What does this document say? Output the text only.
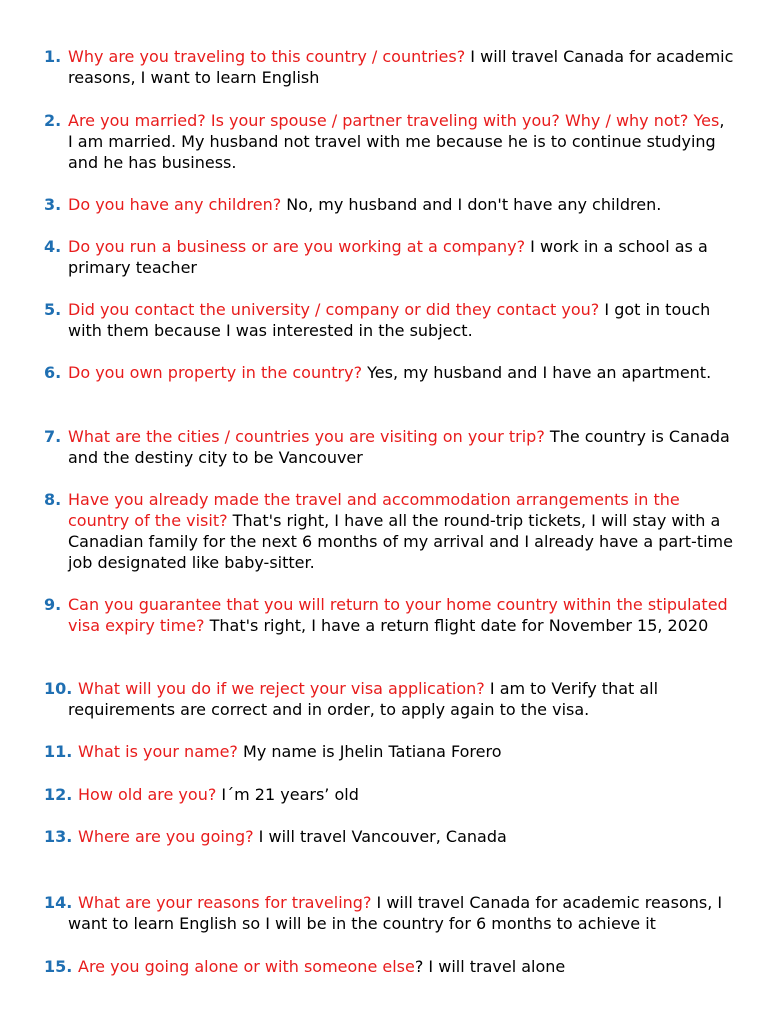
1. Why are you traveling to this country / countries? I will travel Canada for academic reasons, I want to learn English

2. Are you married? Is your spouse / partner traveling with you? Why / why not? Yes, I am married. My husband not travel with me because he is to continue studying and he has business.

3. Do you have any children? No, my husband and I don't have any children.

4. Do you run a business or are you working at a company? I work in a school as a primary teacher

5. Did you contact the university / company or did they contact you? I got in touch with them because I was interested in the subject.

6. Do you own property in the country? Yes, my husband and I have an apartment.

7. What are the cities / countries you are visiting on your trip? The country is Canada and the destiny city to be Vancouver

8. Have you already made the travel and accommodation arrangements in the country of the visit? That's right, I have all the round-trip tickets, I will stay with a Canadian family for the next 6 months of my arrival and I already have a part-time job designated like baby-sitter.

9. Can you guarantee that you will return to your home country within the stipulated visa expiry time? That's right, I have a return flight date for November 15, 2020

10. What will you do if we reject your visa application? I am to Verify that all requirements are correct and in order, to apply again to the visa.

11. What is your name? My name is Jhelin Tatiana Forero

12. How old are you? I´m 21 years’ old

13. Where are you going? I will travel Vancouver, Canada

14. What are your reasons for traveling? I will travel Canada for academic reasons, I want to learn English so I will be in the country for 6 months to achieve it

15. Are you going alone or with someone else? I will travel alone
